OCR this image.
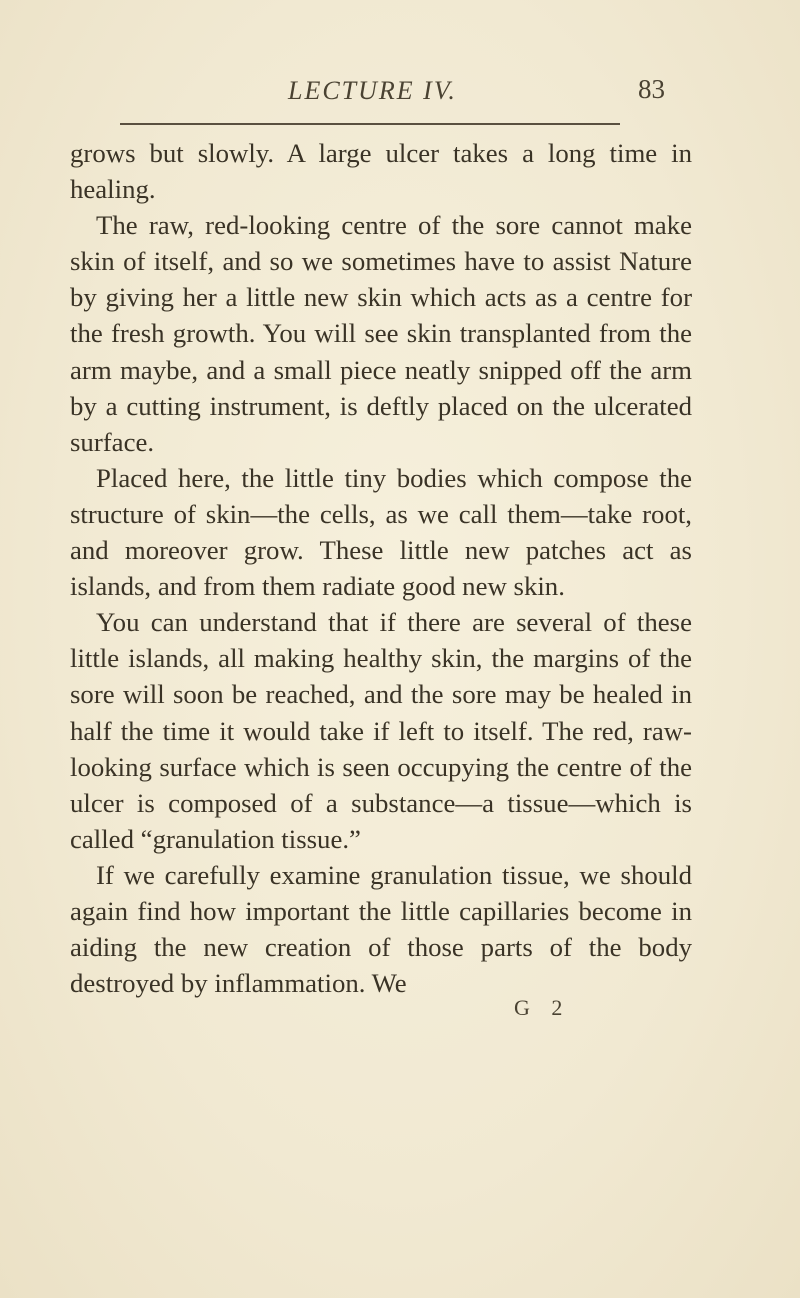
LECTURE IV.	83

grows but slowly. A large ulcer takes a long time in healing.

The raw, red-looking centre of the sore cannot make skin of itself, and so we sometimes have to assist Nature by giving her a little new skin which acts as a centre for the fresh growth. You will see skin transplanted from the arm maybe, and a small piece neatly snipped off the arm by a cutting instrument, is deftly placed on the ulcerated surface.

Placed here, the little tiny bodies which compose the structure of skin—the cells, as we call them—take root, and moreover grow. These little new patches act as islands, and from them radiate good new skin.

You can understand that if there are several of these little islands, all making healthy skin, the margins of the sore will soon be reached, and the sore may be healed in half the time it would take if left to itself. The red, raw-looking surface which is seen occupying the centre of the ulcer is composed of a substance—a tissue—which is called “granulation tissue.”

If we carefully examine granulation tissue, we should again find how important the little capillaries become in aiding the new creation of those parts of the body destroyed by inflammation. We

G 2
